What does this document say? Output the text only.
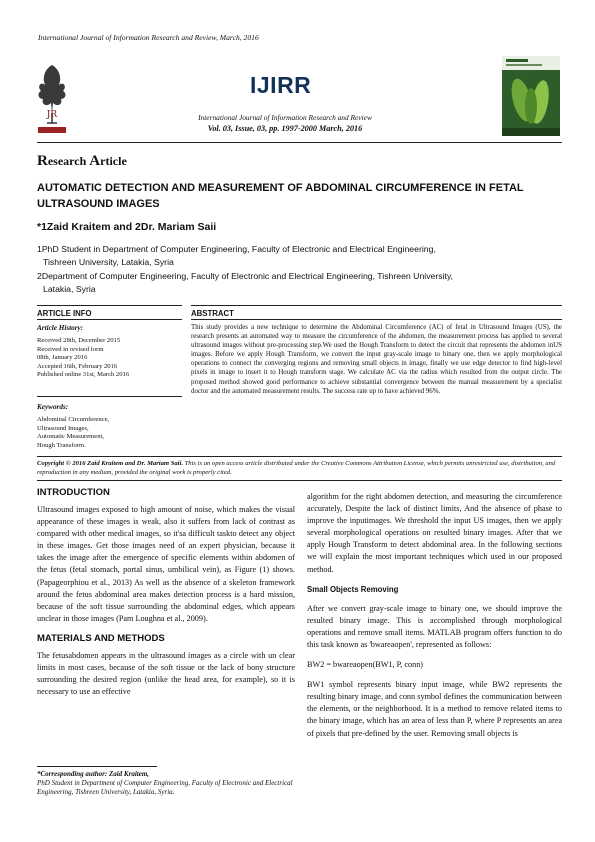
International Journal of Information Research and Review, March, 2016
JR
IJIRR
International Journal of Information Research and Review
Vol. 03, Issue, 03, pp. 1997-2000 March, 2016
Research Article
AUTOMATIC DETECTION AND MEASUREMENT OF ABDOMINAL CIRCUMFERENCE IN FETAL ULTRASOUND IMAGES
*1Zaid Kraitem and 2Dr. Mariam Saii
1PhD Student in Department of Computer Engineering, Faculty of Electronic and Electrical Engineering,
Tishreen University, Latakia, Syria
2Department of Computer Engineering, Faculty of Electronic and Electrical Engineering, Tishreen University,
Latakia, Syria
ARTICLE INFO	ABSTRACT
Article History:
Received 28th, December 2015
Received in revised form
08th, January 2016
Accepted 16th, February 2016
Published online 31st, March 2016
Keywords:
Abdominal Circumference,
Ultrasound Images,
Automatic Measurement,
Hough Transform.
This study provides a new technique to determine the Abdominal Circumference (AC) of fetal in Ultrasound Images (US), the research presents an automated way to measure the circumference of the abdomen, the measurement process has applied to several ultrasound images without pre-processing step.We used the Hough Transform to detect the circuit that represents the abdomen inUS images. Before we apply Hough Transform, we convert the input gray-scale image to binary one, then we apply morphological operations to connect the converging regions and removing small objects in image, finally we use edge detector to find high-level pixels in image to insert it to Hough transform stage. We calculate AC via the radius which resulted from the output circle. The proposed method showed good performance to achieve substantial convergence between the manual measurement by a specialist doctor and the automated measurement results. The success rate up to have achieved 96%.
Copyright © 2016 Zaid Kraitem and Dr. Mariam Saii. This is an open access article distributed under the Creative Commons Attribution License, which permits unrestricted use, distribution, and reproduction in any medium, provided the original work is properly cited.
INTRODUCTION
Ultrasound images exposed to high amount of noise, which makes the visual appearance of these images is weak, also it suffers from lack of contrast as compared with other medical images, so it'sa difficult taskto detect any object in these images. Get those images need of an expert physician, because it takes the image after the emergence of specific elements within abdomen of the fetus (fetal stomach, portal sinus, umbilical vein), as Figure (1) shows. (Papageorphiou et al., 2013) As well as the absence of a skeleton framework around the fetus abdominal area makes detection process is a hard mission, because of the soft tissue surrounding the abdominal edges, which appears unclear in those images (Pam Loughna et al., 2009).
MATERIALS AND METHODS
The fetusabdomen appears in the ultrasound images as a circle with un clear limits in most cases, because of the soft tissue or the lack of bony structure surrounding the desired region (unlike the head area, for example), so it is necessary to use an effective
*Corresponding author: Zaid Kraitem,
PhD Student in Department of Computer Engineering, Faculty of Electronic and Electrical Engineering, Tishreen University, Latakia, Syria.
algorithm for the right abdomen detection, and measuring the circumference accurately, Despite the lack of distinct limits, And the absence of phase to improve the inputimages. We threshold the input US images, then we apply several morphological operations on resulted binary images. After that we apply Hough Transform to detect abdominal area. In the following sections we will explain the most important techniques which used in our proposed method.
Small Objects Removing
After we convert gray-scale image to binary one, we should improve the resulted binary image. This is accomplished through morphological operations and remove small items. MATLAB program offers function to do this task known as 'bwareaopen', represented as follows:
BW2 = bwareaopen(BW1, P, conn)
BW1 symbol represents binary input image, while BW2 represents the resulting binary image, and conn symbol defines the communication between the elements, or the neighborhood. It is a method to remove related items to the binary image, which has an area of less than P, where P represents an area of pixels that pre-defined by the user. Removing small objects is
